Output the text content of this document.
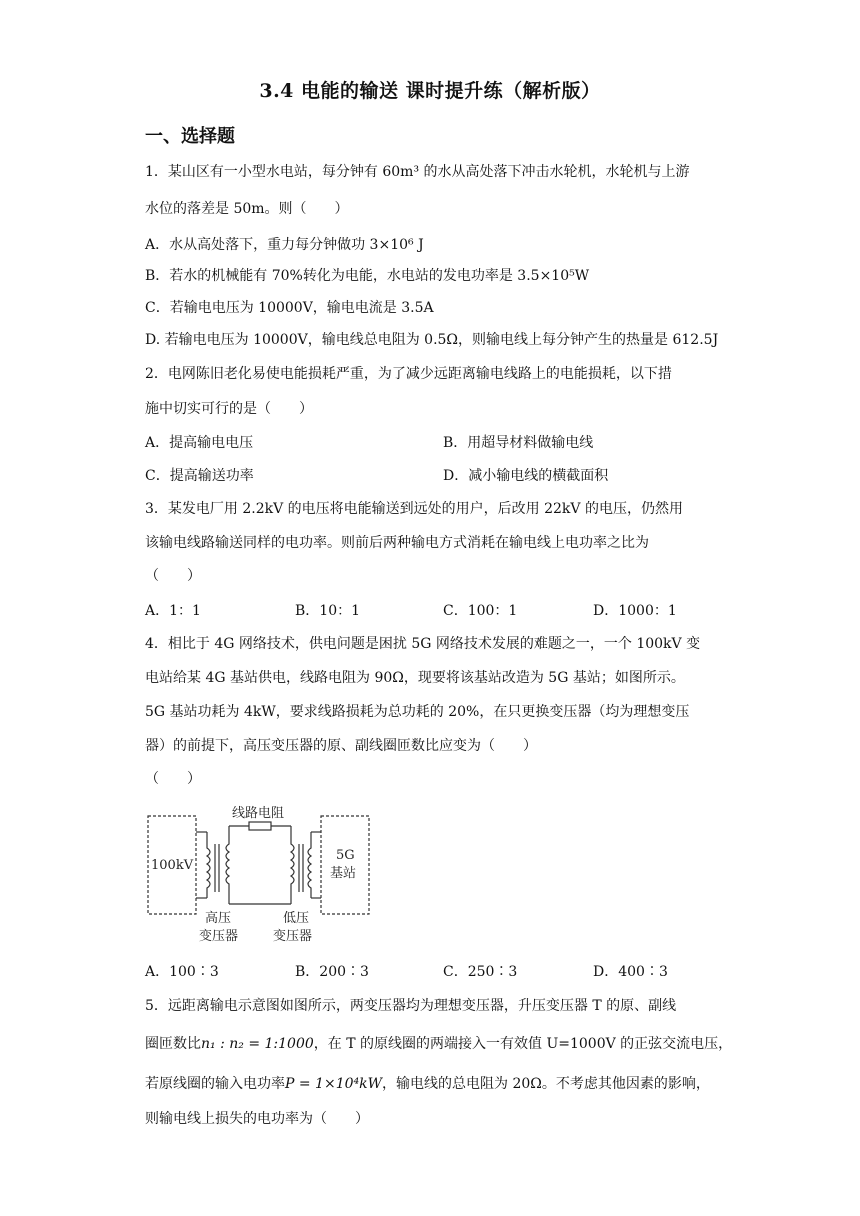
3.4 电能的输送 课时提升练（解析版）
一、选择题
1．某山区有一小型水电站，每分钟有 60m³ 的水从高处落下冲击水轮机，水轮机与上游
水位的落差是 50m。则（　　）
A．水从高处落下，重力每分钟做功 3×10⁶ J
B．若水的机械能有 70%转化为电能，水电站的发电功率是 3.5×10⁵W
C．若输电电压为 10000V，输电电流是 3.5A
D. 若输电电压为 10000V，输电线总电阻为 0.5Ω，则输电线上每分钟产生的热量是 612.5J
2．电网陈旧老化易使电能损耗严重，为了减少远距离输电线路上的电能损耗，以下措
施中切实可行的是（　　）
A．提高输电电压	B．用超导材料做输电线
C．提高输送功率	D．减小输电线的横截面积
3．某发电厂用 2.2kV 的电压将电能输送到远处的用户，后改用 22kV 的电压，仍然用
该输电线路输送同样的电功率。则前后两种输电方式消耗在输电线上电功率之比为
（　　）
A．1：1	B．10：1	C．100：1	D．1000：1
4．相比于 4G 网络技术，供电问题是困扰 5G 网络技术发展的难题之一，一个 100kV 变
电站给某 4G 基站供电，线路电阻为 90Ω，现要将该基站改造为 5G 基站；如图所示。
5G 基站功耗为 4kW，要求线路损耗为总功耗的 20%，在只更换变压器（均为理想变压
器）的前提下，高压变压器的原、副线圈匝数比应变为（　　）
（　　）
100kV
线路电阻
5G
基站
高压
变压器
低压
变压器
A．100∶3	B．200∶3	C．250∶3	D．400∶3
5．远距离输电示意图如图所示，两变压器均为理想变压器，升压变压器 T 的原、副线
圈匝数比n₁ : n₂ = 1:1000，在 T 的原线圈的两端接入一有效值 U=1000V 的正弦交流电压，
若原线圈的输入电功率P = 1×10⁴kW，输电线的总电阻为 20Ω。不考虑其他因素的影响，
则输电线上损失的电功率为（　　）
